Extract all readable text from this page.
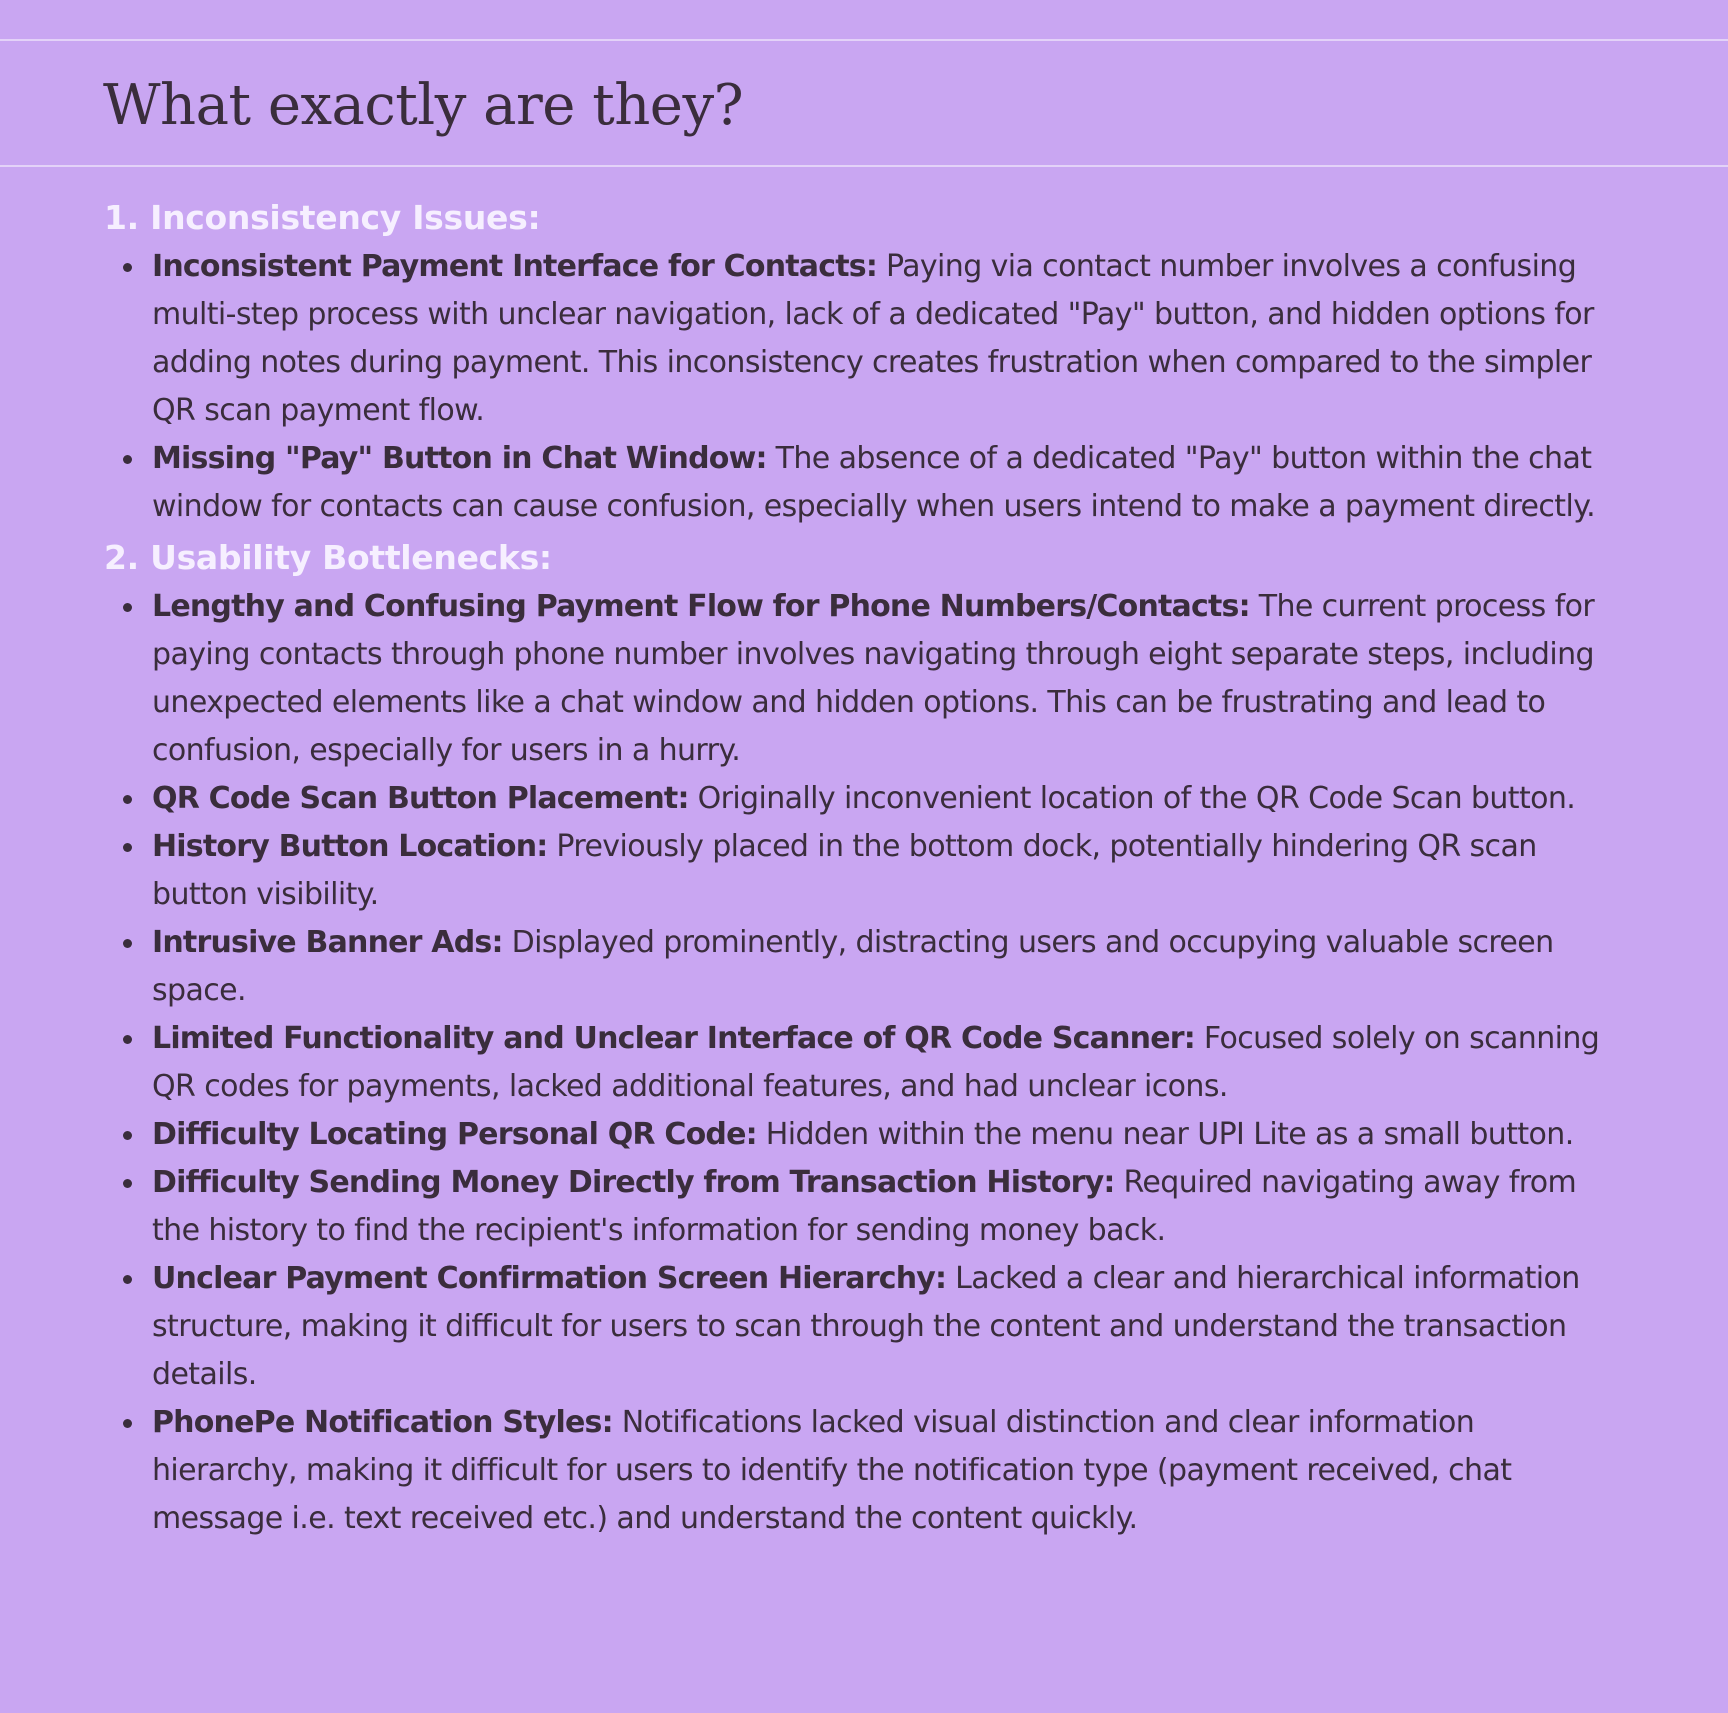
What exactly are they?
1. Inconsistency Issues:
Inconsistent Payment Interface for Contacts: Paying via contact number involves a confusing multi-step process with unclear navigation, lack of a dedicated "Pay" button, and hidden options for adding notes during payment. This inconsistency creates frustration when compared to the simpler QR scan payment flow.
Missing "Pay" Button in Chat Window: The absence of a dedicated "Pay" button within the chat window for contacts can cause confusion, especially when users intend to make a payment directly.
2. Usability Bottlenecks:
Lengthy and Confusing Payment Flow for Phone Numbers/Contacts: The current process for paying contacts through phone number involves navigating through eight separate steps, including unexpected elements like a chat window and hidden options. This can be frustrating and lead to confusion, especially for users in a hurry.
QR Code Scan Button Placement: Originally inconvenient location of the QR Code Scan button.
History Button Location: Previously placed in the bottom dock, potentially hindering QR scan button visibility.
Intrusive Banner Ads: Displayed prominently, distracting users and occupying valuable screen space.
Limited Functionality and Unclear Interface of QR Code Scanner: Focused solely on scanning QR codes for payments, lacked additional features, and had unclear icons.
Difficulty Locating Personal QR Code: Hidden within the menu near UPI Lite as a small button.
Difficulty Sending Money Directly from Transaction History: Required navigating away from the history to find the recipient's information for sending money back.
Unclear Payment Confirmation Screen Hierarchy: Lacked a clear and hierarchical information structure, making it difficult for users to scan through the content and understand the transaction details.
PhonePe Notification Styles: Notifications lacked visual distinction and clear information hierarchy, making it difficult for users to identify the notification type (payment received, chat message i.e. text received etc.) and understand the content quickly.
